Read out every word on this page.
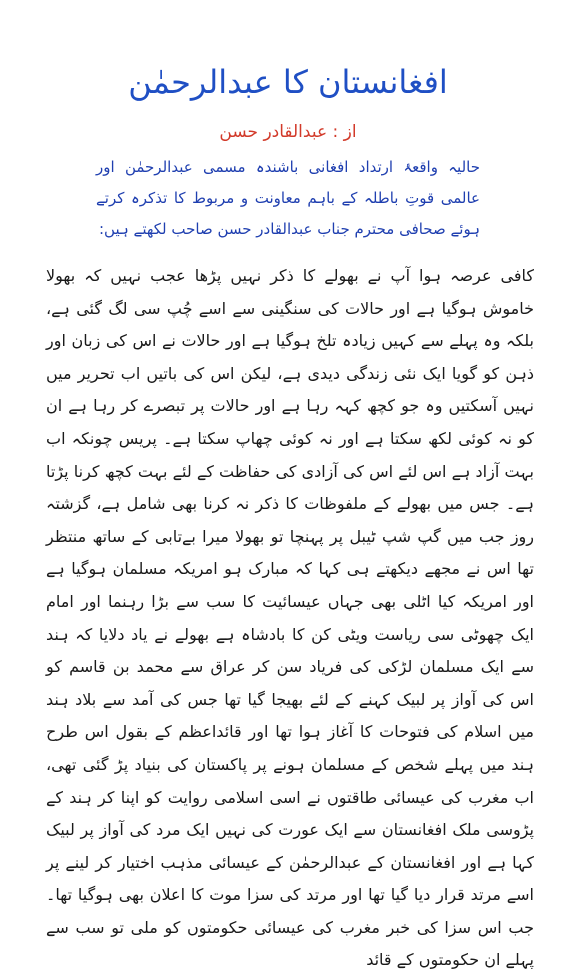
افغانستان کا عبدالرحمٰن
از : عبدالقادر حسن
حالیہ واقعۂ ارتداد افغانی باشندہ مسمی عبدالرحمٰن اور عالمی قوتِ باطلہ کے باہم معاونت و مربوط کا تذکرہ کرتے ہوئے صحافی محترم جناب عبدالقادر حسن صاحب لکھتے ہیں:

کافی عرصہ ہوا آپ نے بھولے کا ذکر نہیں پڑھا عجب نہیں کہ بھولا خاموش ہوگیا ہے اور حالات کی سنگینی سے اسے چُپ سی لگ گئی ہے، بلکہ وہ پہلے سے کہیں زیادہ تلخ ہوگیا ہے اور حالات نے اس کی زبان اور ذہن کو گویا ایک نئی زندگی دیدی ہے، لیکن اس کی باتیں اب تحریر میں نہیں آسکتیں وہ جو کچھ کہہ رہا ہے اور حالات پر تبصرے کر رہا ہے ان کو نہ کوئی لکھ سکتا ہے اور نہ کوئی چھاپ سکتا ہے۔ پریس چونکہ اب بہت آزاد ہے اس لئے اس کی آزادی کی حفاظت کے لئے بہت کچھ کرنا پڑتا ہے۔ جس میں بھولے کے ملفوظات کا ذکر نہ کرنا بھی شامل ہے، گزشتہ روز جب میں گپ شپ ٹیبل پر پہنچا تو بھولا میرا بےتابی کے ساتھ منتظر تھا اس نے مجھے دیکھتے ہی کہا کہ مبارک ہو امریکہ مسلمان ہوگیا ہے اور امریکہ کیا اٹلی بھی جہاں عیسائیت کا سب سے بڑا رہنما اور امام ایک چھوٹی سی ریاست ویٹی کن کا بادشاہ ہے بھولے نے یاد دلایا کہ ہند سے ایک مسلمان لڑکی کی فریاد سن کر عراق سے محمد بن قاسم کو اس کی آواز پر لبیک کہنے کے لئے بھیجا گیا تھا جس کی آمد سے بلاد ہند میں اسلام کی فتوحات کا آغاز ہوا تھا اور قائداعظم کے بقول اس طرح ہند میں پہلے شخص کے مسلمان ہونے پر پاکستان کی بنیاد پڑ گئی تھی، اب مغرب کی عیسائی طاقتوں نے اسی اسلامی روایت کو اپنا کر ہند کے پڑوسی ملک افغانستان سے ایک عورت کی نہیں ایک مرد کی آواز پر لبیک کہا ہے اور افغانستان کے عبدالرحمٰن کے عیسائی مذہب اختیار کر لینے پر اسے مرتد قرار دیا گیا تھا اور مرتد کی سزا موت کا اعلان بھی ہوگیا تھا۔ جب اس سزا کی خبر مغرب کی عیسائی حکومتوں کو ملی تو سب سے پہلے ان حکومتوں کے قائد
